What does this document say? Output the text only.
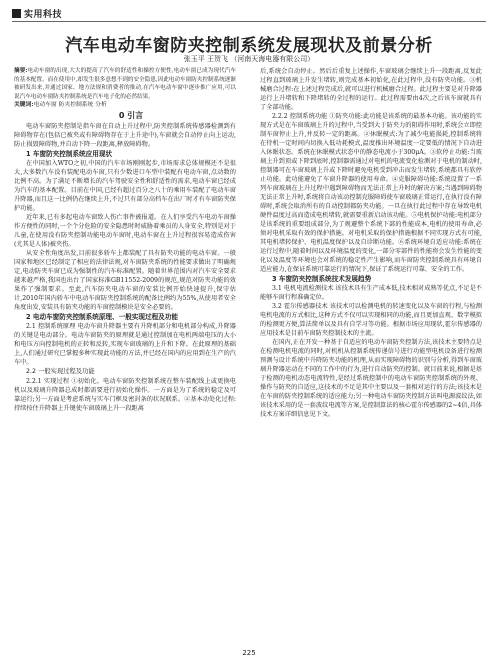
实用科技
汽车电动车窗防夹控制系统发展现状及前景分析
张玉平 王贺飞 （河南天海电器有限公司）

摘要:电动车窗的出现,大大的提高了汽车的舒适性和操控方便性,电动车窗已成为现代汽车的基本配置。而在使用中,却发生很多意想不到的安全隐患,因此电动车窗防夹控制系统逐渐被研发出来,并通过国家、地方法规和消费者的推动,在汽车电动车窗中逐步推广应用,可以说汽车电动车窗防夹控制系统是汽车电子化的必然结果。

关键词:电动车窗 防夹控制系统 分析

0 引言

电动车窗防夹控制是指车窗在自动上升过程中,防夹控制系统传感器检测到有障碍物存在(包括已被夹或有障碍物存在于上升途中),车窗就会自动停止向上运动,防止损毁障碍物,并自动下降一段距离,释放障碍物。

1 车窗防夹控制系统应用现状

在中国加入WTO之初,中国的汽车市场刚刚起步,市场需求总体规模还不是很大,大多数汽车没有装配电动车窗,只有少数进口车型中装配有电动车窗,点动数的比例不高。为了满足不断增长的汽车驾驶安全性和舒适性的需求,电动车窗已经成为汽车的基本配置。目前在中国,已经有超过百分之八十的乘用车装配了电动车窗升降器,而且这一比例仍在继续上升,不过只有部分高档车在出厂时才有车窗防夹保护功能。

近年来,已有多起电动车窗致人伤亡事件被报道。在人们享受汽车电动车窗操作方便性的同时,一个个分危险的安全隐患时时威胁着乘员的人身安全,特别是对于儿童,在使用没有防夹控制功能电动车窗时,电动车窗在上升过程很容易造成伤害(尤其是人体)被夹伤。

从安全性角度出发,目前很多轿车上都装配了具有防夹功能的电动车窗。一般国家和地区已经制定了相应的法律法规,对车窗防夹系统的性能要求做出了明确规定,电动防夹车窗已成为强制性的汽车标准配置。随着世界范围内对汽车安全要求越来越严格,我国也出台了国家标准GB11552-2009的规范,规范对防夹功能的效果作了强制要求。至此,汽车防夹电动车窗的安装比例开始快速提升,保守估计,2010年国内轿车中电动车窗防夹控制系统的配备比例约为55%,从使用者安全角度出发,安装具有防夹功能的车窗控制模块是安全必要的。

2 电动车窗防夹控制系统原理、一般实现过程及功能

2.1 控制系统原理 电动车窗升降器主要有升降机部分和电机部分构成,升降器的关键是电动部分。电动车窗防夹的原理就是通过控制加在电机两端电压的大小和电压方向控制电机的正转和反转,实现车窗玻璃的上升和下降。在此原理的基础上,人们通过研究已掌握多种实现此功能的方法,并已经在国内的应用到在生产的汽车中。

2.2 一般实现过程及功能

2.2.1 实现过程 ①初始化。电动车窗防夹控制系统在整车装配线上或更换电机以及玻璃升降器总成时都需要进行初始化操作。一方面是为了系统的稳定及可靠运行;另一方面是考虑系统与实车门框及密封条的状况联系。②基本动处化过程: 持续按住升降器上升键使车窗玻璃上升一段距离

后,系统会自动停止。然后后重复上述操作,车窗玻璃会继续上升一段距离,反复此过程直到玻璃上升发生堵转,则完成基本初始化,在此过程中,没有防夹功能。③机械磨合过程:在上述过程完成后,就可以进行机械磨合过程。此过程主要是对升降器运行上升堵转和下降堵转的全过程的运行。此过程需要由4次,之后该车窗就具有了全部功能。

2.2.2 控制系统功能 ①防夹功能:此功能是该系统的最基本功能。该功能的实现方式是在车窗玻璃上升的过程中,当受到大于防夹力的阻碍作用时,系统会立即控制车窗停止上升,并反转一定的距离。②休眠模式:为了减少电能损耗,控制系统将在待机一定时间内切换入低功耗模式,温度推出环境温度一定要低的情况下自动进入休眠状态。系统在休眠模式状态中的静态电流小于300μA。③软停止功能:当玻璃上升到顶或下降到底时,控制器需通过对电机的电流变化检测对于电机的制动时,控制器可在车窗玻璃上升或下降时避免电机受到冲击而发生堵转,系统都具有软停止功能。此功能避免了车窗升降器的使用寿命。④克服障碍功能:系统设置了一系列车窗玻璃在上升过程中遇到障碍物而无法正常上升时的解决方案;当遇到障碍物无法正常上升时,系统将自动该动控制克服障碍使车窗玻璃正常运行,在执行没有障碍时,系统会取消所有的自动控制都防夹功能。一旦在执行此过程中存在导致电机硬件温度过高而造成电机堵转,就需要重新启动该功能。⑤电机保护功能:电机部分是该系统的重要组成部分,为了规避整个系统下部的性能成本,电机的使用寿命,必须对电机采取有效的保护措施。对电机采取的保护措施根据不同实现方式有可能,其电机堵转保护、电机温度保护以及自诊断功能。⑥系统环境自适应功能:系统在运行过程中,随着时间以及环境温度的变化,一部分零部件的性能将会发生性能的变化以及温度等环境也会对系统的稳定性产生影响,而车窗防夹控制系统具有环境自适应能力,在保证系统可靠运行的情况下,保证了系统运行可靠、安全的工作。

3 车窗防夹控制系统技术发展趋势

3.1 电机电流检测技术 该技术具有生产成本低,技术相对成熟等优点,不足是不能够车窗行程准确定位。

3.2 霍尔传感器技术 该技术可以检测电机的转速变化以及车窗的行程,与检测电机电流的方式相比,这种方式不仅可以实现相同的功能,而且更加直观、数字模拟的检测更方便,算法简单以及具有自学习等功能。根据市场应用现状,霍尔传感器的应用技术是目前车窗防夹控制技术的主流。

在国内,正在开发一种基于自适应的电动车窗防夹控制方法,该技术主要特点是在检测电机电流的同时,对机机从控制系统传递信号进行功能型电机设备进行检测预测与设计系统中升降防夹功能的机理,从而实现障碍物的识别与分析,得到车窗玻璃升降器运动在不同的工作中的行为,进行自动防夹的控制。就目前来说,根据是基于检测的电机动态电流特性,是经过系统控制中的电动车窗防夹控制系统的外观、操作与防夹的自适应,这技术的不足是其中主要以及一套相对运行的方法;该技术是在车窗的防夹控制系统的适应能力;另一种电动车窗防夹控制方法叫电源波纹法,如该技术采用的是一套波纹电流等方案,是控制算法的核心霍尔传感器的2~4倍,具体技术方案详细信息见下文。

225
